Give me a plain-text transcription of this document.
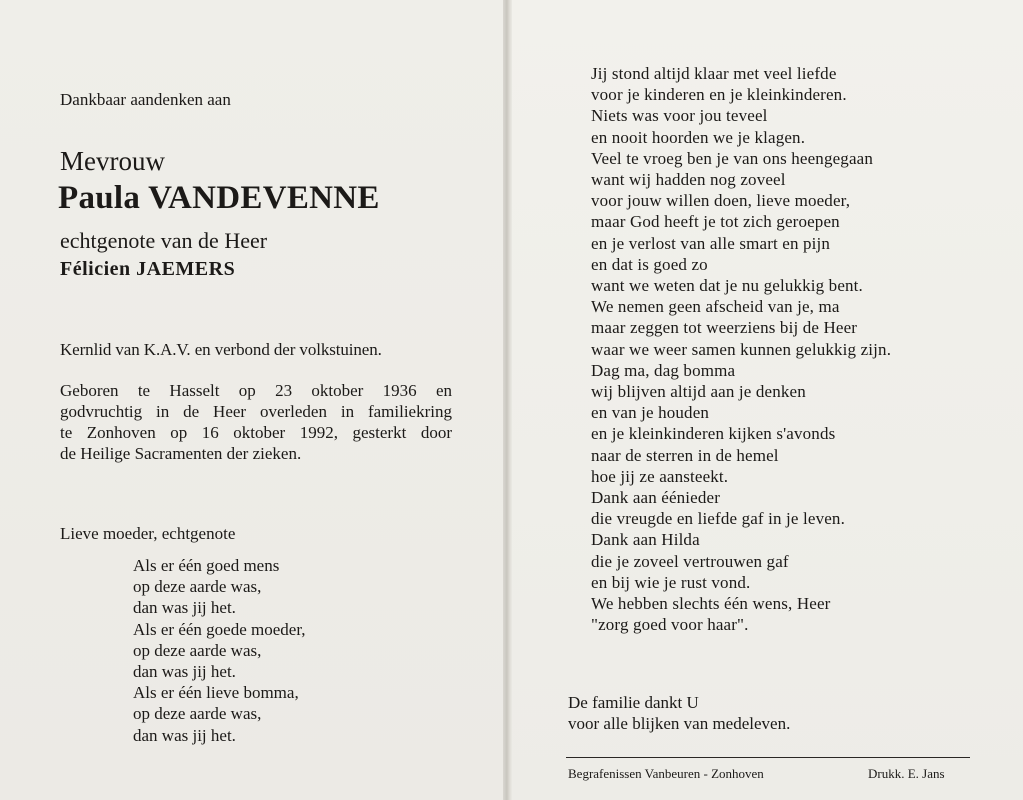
Dankbaar aandenken aan
Mevrouw
Paula VANDEVENNE
echtgenote van de Heer
Félicien JAEMERS
Kernlid van K.A.V. en verbond der volkstuinen.
Geboren te Hasselt op 23 oktober 1936 en
godvruchtig in de Heer overleden in familiekring
te Zonhoven op 16 oktober 1992, gesterkt door
de Heilige Sacramenten der zieken.
Lieve moeder, echtgenote
Als er één goed mens
op deze aarde was,
dan was jij het.
Als er één goede moeder,
op deze aarde was,
dan was jij het.
Als er één lieve bomma,
op deze aarde was,
dan was jij het.
Jij stond altijd klaar met veel liefde
voor je kinderen en je kleinkinderen.
Niets was voor jou teveel
en nooit hoorden we je klagen.
Veel te vroeg ben je van ons heengegaan
want wij hadden nog zoveel
voor jouw willen doen, lieve moeder,
maar God heeft je tot zich geroepen
en je verlost van alle smart en pijn
en dat is goed zo
want we weten dat je nu gelukkig bent.
We nemen geen afscheid van je, ma
maar zeggen tot weerziens bij de Heer
waar we weer samen kunnen gelukkig zijn.
Dag ma, dag bomma
wij blijven altijd aan je denken
en van je houden
en je kleinkinderen kijken s'avonds
naar de sterren in de hemel
hoe jij ze aansteekt.
Dank aan éénieder
die vreugde en liefde gaf in je leven.
Dank aan Hilda
die je zoveel vertrouwen gaf
en bij wie je rust vond.
We hebben slechts één wens, Heer
"zorg goed voor haar".
De familie dankt U
voor alle blijken van medeleven.
Begrafenissen Vanbeuren - Zonhoven	Drukk. E. Jans
